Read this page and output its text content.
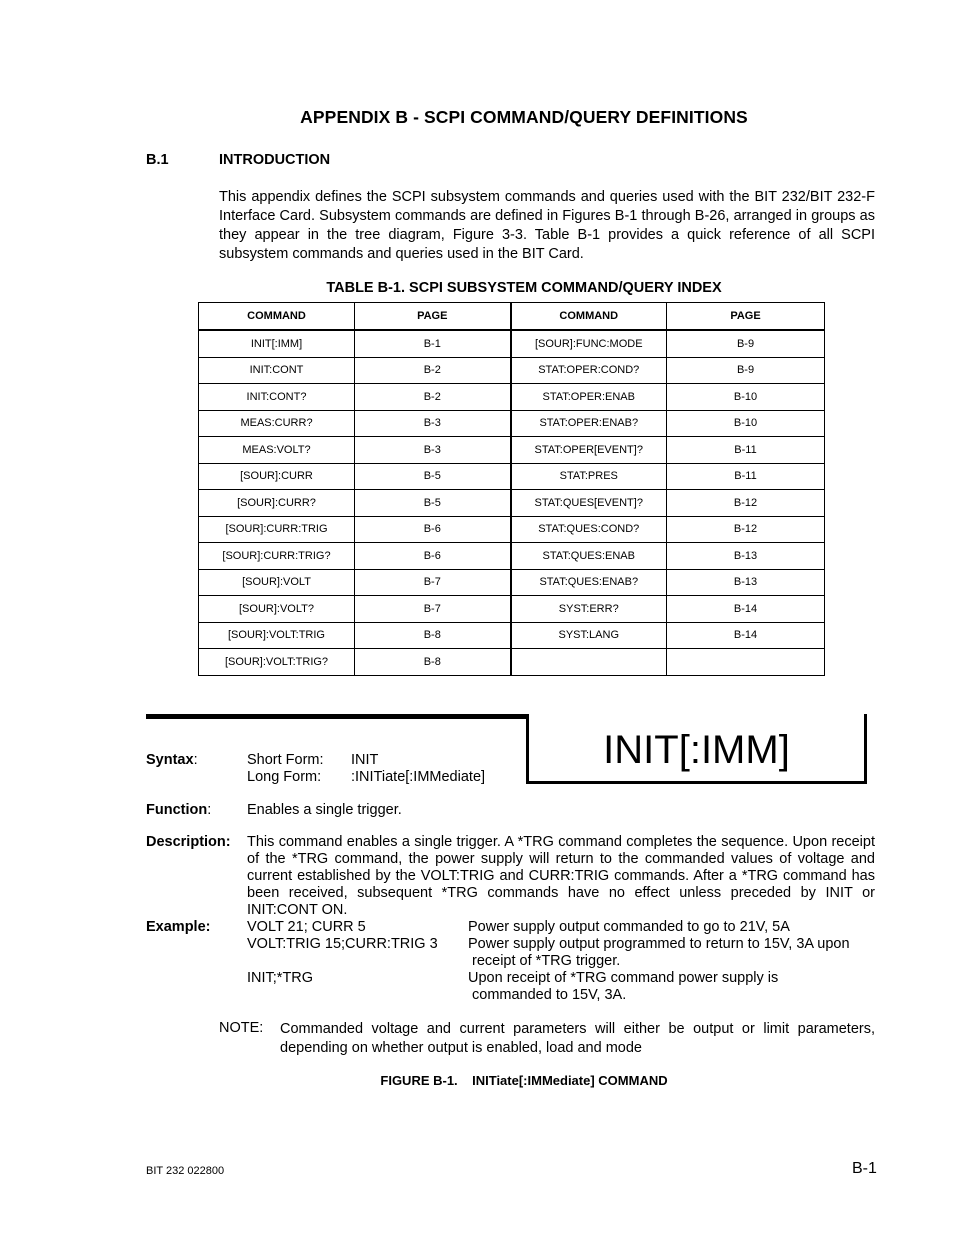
APPENDIX B - SCPI COMMAND/QUERY DEFINITIONS
B.1	INTRODUCTION
This appendix defines the SCPI subsystem commands and queries used with the BIT 232/BIT 232-F Interface Card. Subsystem commands are defined in Figures B-1 through B-26, arranged in groups as they appear in the tree diagram, Figure 3-3. Table B-1 provides a quick reference of all SCPI subsystem commands and queries used in the BIT Card.
TABLE B-1. SCPI SUBSYSTEM COMMAND/QUERY INDEX
COMMAND	PAGE	COMMAND	PAGE
INIT[:IMM]	B-1	[SOUR]:FUNC:MODE	B-9
INIT:CONT	B-2	STAT:OPER:COND?	B-9
INIT:CONT?	B-2	STAT:OPER:ENAB	B-10
MEAS:CURR?	B-3	STAT:OPER:ENAB?	B-10
MEAS:VOLT?	B-3	STAT:OPER[EVENT]?	B-11
[SOUR]:CURR	B-5	STAT:PRES	B-11
[SOUR]:CURR?	B-5	STAT:QUES[EVENT]?	B-12
[SOUR]:CURR:TRIG	B-6	STAT:QUES:COND?	B-12
[SOUR]:CURR:TRIG?	B-6	STAT:QUES:ENAB	B-13
[SOUR]:VOLT	B-7	STAT:QUES:ENAB?	B-13
[SOUR]:VOLT?	B-7	SYST:ERR?	B-14
[SOUR]:VOLT:TRIG	B-8	SYST:LANG	B-14
[SOUR]:VOLT:TRIG?	B-8		
INIT[:IMM]
Syntax:	Short Form: INIT
Long Form: :INITiate[:IMMediate]
Function: Enables a single trigger.
Description: This command enables a single trigger. A *TRG command completes the sequence. Upon receipt of the *TRG command, the power supply will return to the commanded values of voltage and current established by the VOLT:TRIG and CURR:TRIG commands. After a *TRG command has been received, subsequent *TRG commands have no effect unless preceded by INIT or INIT:CONT ON.
Example:	VOLT 21; CURR 5	Power supply output commanded to go to 21V, 5A
VOLT:TRIG 15;CURR:TRIG 3 Power supply output programmed to return to 15V, 3A upon
receipt of *TRG trigger.
INIT;*TRG	Upon receipt of *TRG command power supply is
commanded to 15V, 3A.
NOTE: Commanded voltage and current parameters will either be output or limit parameters, depending on whether output is enabled, load and mode
FIGURE B-1.    INITiate[:IMMediate] COMMAND
BIT 232 022800	B-1
